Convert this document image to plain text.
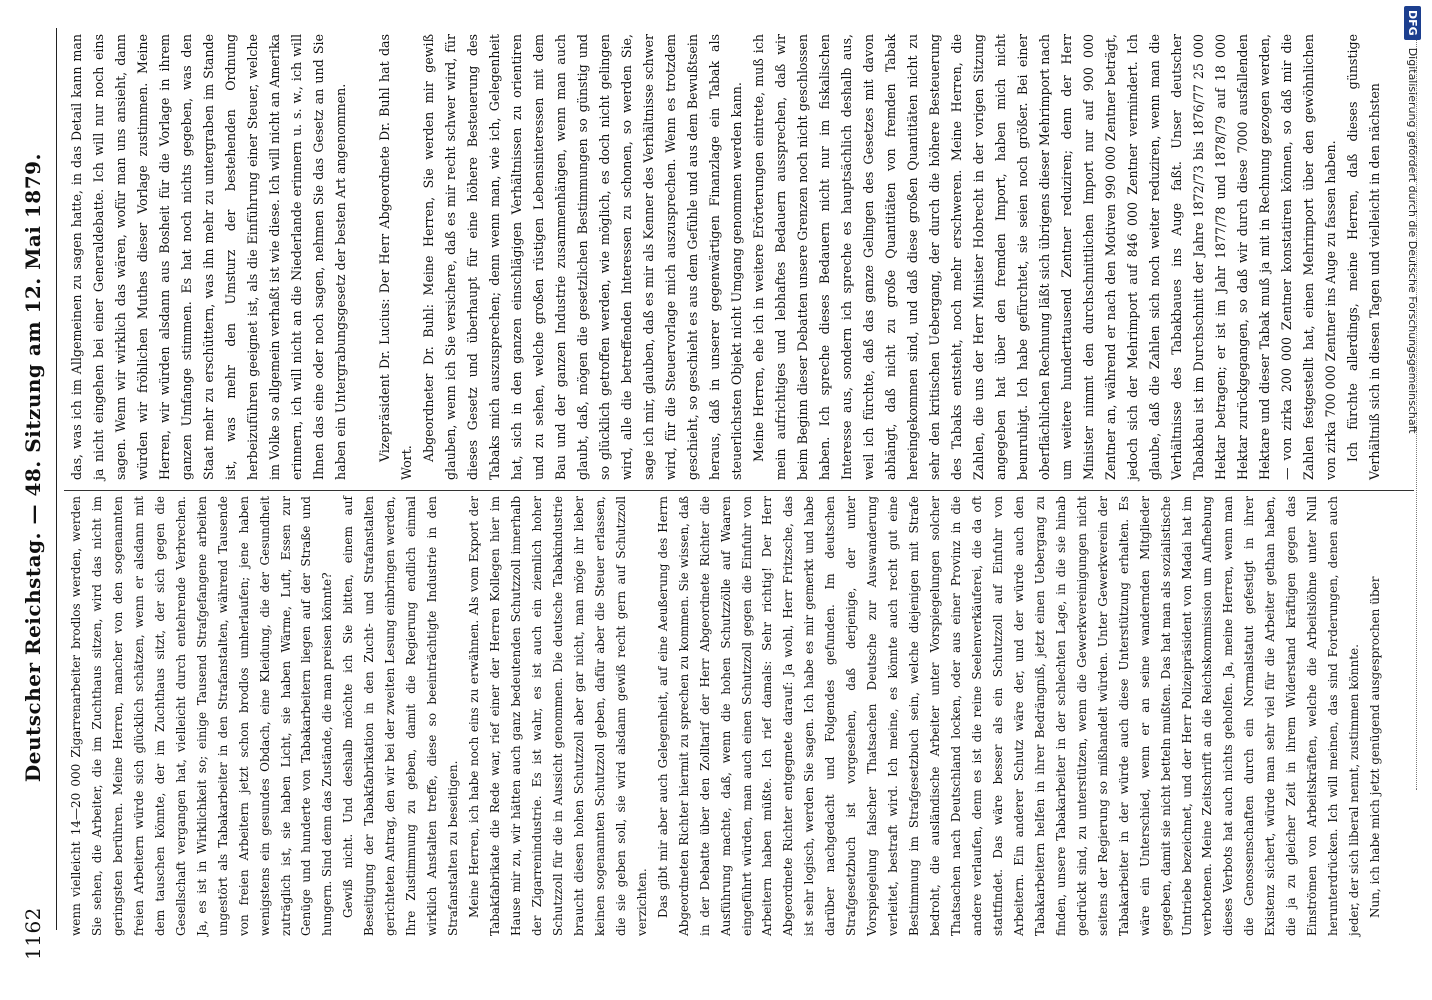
1162
Deutscher Reichstag. — 48. Sitzung am 12. Mai 1879. wenn vielleicht 14—20 000 Zigarrenarbeiter brodlos werden, werden Sie sehen, die Arbeiter, die im Zuchthaus sitzen, wird das nicht im geringsten berühren. Meine Herren, mancher von den sogenannten freien Arbeitern würde sich glücklich schätzen, wenn er alsdann mit dem tauschen könnte, der im Zuchthaus sitzt, der sich gegen die Gesellschaft vergangen hat, vielleicht durch entehrende Verbrechen. Ja, es ist in Wirklichkeit so; einige Tausend Strafgefangene arbeiten ungestört als Tabakarbeiter in den Strafanstalten, während Tausende von freien Arbeitern jetzt schon brodlos umherlaufen; jene haben wenigstens ein gesundes Obdach, eine Kleidung, die der Gesundheit zuträglich ist, sie haben Licht, sie haben Wärme, Luft, Essen zur Genüge und hunderte von Tabakarbeitern liegen auf der Straße und hungern. Sind denn das Zustände, die man preisen könnte? Gewiß nicht. Und deshalb möchte ich Sie bitten, einem auf Beseitigung der Tabakfabrikation in den Zucht- und Strafanstalten gerichteten Antrag, den wir bei der zweiten Lesung einbringen werden, Ihre Zustimmung zu geben, damit die Regierung endlich einmal wirklich Anstalten treffe, diese so beeinträchtigte Industrie in den Strafanstalten zu beseitigen. Meine Herren, ich habe noch eins zu erwähnen. Als vom Export der Tabakfabrikate die Rede war, rief einer der Herren Kollegen hier im Hause mir zu, wir hätten auch ganz bedeutenden Schutzzoll innerhalb der Zigarrenindustrie. Es ist wahr, es ist auch ein ziemlich hoher Schutzzoll für die in Aussicht genommen. Die deutsche Tabakindustrie braucht diesen hohen Schutzzoll aber gar nicht, man möge ihr lieber keinen sogenannten Schutzzoll geben, dafür aber die Steuer erlassen, die sie geben soll, sie wird alsdann gewiß recht gern auf Schutzzoll verzichten. Das gibt mir aber auch Gelegenheit, auf eine Aeußerung des Herrn Abgeordneten Richter hiermit zu sprechen zu kommen. Sie wissen, daß in der Debatte über den Zolltarif der Herr Abgeordnete Richter die Ausführung machte, daß, wenn die hohen Schutzzölle auf Waaren eingeführt würden, man auch einen Schutzzoll gegen die Einfuhr von Arbeitern haben müßte. Ich rief damals: Sehr richtig! Der Herr Abgeordnete Richter entgegnete darauf: Ja wohl, Herr Fritzsche, das ist sehr logisch, werden Sie sagen. Ich habe es mir gemerkt und habe darüber nachgedacht und Folgendes gefunden. Im deutschen Strafgesetzbuch ist vorgesehen, daß derjenige, der unter Vorspiegelung falscher Thatsachen Deutsche zur Auswanderung verleitet, bestraft wird. Ich meine, es könnte auch recht gut eine Bestimmung im Strafgesetzbuch sein, welche diejenigen mit Strafe bedroht, die ausländische Arbeiter unter Vorspiegelungen solcher Thatsachen nach Deutschland locken, oder aus einer Provinz in die andere verlaufen, denn es ist die reine Seelenverkäuferei, die da oft stattfindet. Das wäre besser als ein Schutzzoll auf Einfuhr von Arbeitern. Ein anderer Schutz wäre der, und der würde auch den Tabakarbeitern helfen in ihrer Bedrängniß, jetzt einen Uebergang zu finden, unsere Tabakarbeiter in der schlechten Lage, in die sie hinab gedrückt sind, zu unterstützen, wenn die Gewerkvereinigungen nicht seitens der Regierung so mißhandelt würden. Unter Gewerkverein der Tabakarbeiter in der würde auch diese Unterstützung erhalten. Es wäre ein Unterschied, wenn er an seine wandernden Mitglieder gegeben, damit sie nicht betteln mußten. Das hat man als sozialistische Umtriebe bezeichnet, und der Herr Polizeipräsident von Madai hat im verbotenen. Meine Zeitschrift an die Reichskommission um Aufhebung dieses Verbots hat auch nichts geholfen. Ja, meine Herren, wenn man die Genossenschaften durch ein Normalstatut gefestigt in ihrer Existenz sichert, würde man sehr viel für die Arbeiter gethan haben, die ja zu gleicher Zeit in ihrem Widerstand kräftigen gegen das Einströmen von Arbeitskräften, welche die Arbeitslöhne unter Null herunterdrücken. Ich will meinen, das sind Forderungen, denen auch jeder, der sich liberal nennt, zustimmen könnte. Nun, ich habe mich jetzt genügend ausgesprochen über

das, was ich im Allgemeinen zu sagen hatte, in das Detail kann man ja nicht eingehen bei einer Generaldebatte. Ich will nur noch eins sagen. Wenn wir wirklich das wären, wofür man uns ansieht, dann würden wir fröhlichen Muthes dieser Vorlage zustimmen. Meine Herren, wir würden alsdann aus Bosheit für die Vorlage in ihrem ganzen Umfange stimmen. Es hat noch nichts gegeben, was den Staat mehr zu erschüttern, was ihn mehr zu untergraben im Stande ist, was mehr den Umsturz der bestehenden Ordnung herbeizuführen geeignet ist, als die Einführung einer Steuer, welche im Volke so allgemein verhaßt ist wie diese. Ich will nicht an Amerika erinnern, ich will nicht an die Niederlande erinnern u. s. w., ich will Ihnen das eine oder noch sagen, nehmen Sie das Gesetz an und Sie haben ein Untergrabungsgesetz der besten Art angenommen.	Vizepräsident Dr. Lucius: Der Herr Abgeordnete Dr. Buhl hat das Wort.

Abgeordneter Dr. Buhl: Meine Herren, Sie werden mir gewiß glauben, wenn ich Sie versichere, daß es mir recht schwer wird, für dieses Gesetz und überhaupt für eine höhere Besteuerung des Tabaks mich auszusprechen; denn wenn man, wie ich, Gelegenheit hat, sich in den ganzen einschlägigen Verhältnissen zu orientiren und zu sehen, welche großen rüstigen Lebensinteressen mit dem Bau und der ganzen Industrie zusammenhängen, wenn man auch glaubt, daß, mögen die gesetzlichen Bestimmungen so günstig und so glücklich getroffen werden, wie möglich, es doch nicht gelingen wird, alle die betreffenden Interessen zu schonen, so werden Sie, sage ich mir, glauben, daß es mir als Kenner des Verhältnisse schwer wird, für die Steuervorlage mich auszusprechen. Wenn es trotzdem geschieht, so geschieht es aus dem Gefühle und aus dem Bewußtsein heraus, daß in unserer gegenwärtigen Finanzlage ein Tabak als steuerlichsten Objekt nicht Umgang genommen werden kann. Meine Herren, ehe ich in weitere Erörterungen eintrete, muß ich mein aufrichtiges und lebhaftes Bedauern aussprechen, daß wir beim Beginn dieser Debatten unsere Grenzen noch nicht geschlossen haben. Ich spreche dieses Bedauern nicht nur im fiskalischen Interesse aus, sondern ich spreche es hauptsächlich deshalb aus, weil ich fürchte, daß das ganze Gelingen des Gesetzes mit davon abhängt, daß nicht zu große Quantitäten von fremden Tabak hereingekommen sind, und daß diese großen Quantitäten nicht zu sehr den kritischen Uebergang, der durch die höhere Besteuerung des Tabaks entsteht, noch mehr erschweren. Meine Herren, die Zahlen, die uns der Herr Minister Hobrecht in der vorigen Sitzung angegeben hat über den fremden Import, haben mich nicht beunruhigt. Ich habe gefürchtet, sie seien noch größer. Bei einer oberflächlichen Rechnung läßt sich übrigens dieser Mehrimport nach um weitere hunderttausend Zentner reduziren; denn der Herr Minister nimmt den durchschnittlichen Import nur auf 900 000 Zentner an, während er nach den Motiven 990 000 Zentner beträgt, jedoch sich der Mehrimport auf 846 000 Zentner vermindert. Ich glaube, daß die Zahlen sich noch weiter reduziren, wenn man die Verhältnisse des Tabakbaues ins Auge faßt. Unser deutscher Tabakbau ist im Durchschnitt der Jahre 1872/73 bis 1876/77 25 000 Hektar betragen; er ist im Jahr 1877/78 und 1878/79 auf 18 000 Hektar zurückgegangen, so daß wir durch diese 7000 ausfallenden Hektare und dieser Tabak muß ja mit in Rechnung gezogen werden, — von zirka 200 000 Zentner konstatiren können, so daß mir die Zahlen festgestellt hat, einen Mehrimport über den gewöhnlichen von zirka 700 000 Zentner ins Auge zu fassen haben. Ich fürchte allerdings, meine Herren, daß dieses günstige Verhältniß sich in diesen Tagen und vielleicht in den nächsten

DFG
Digitalisierung gefördert durch die Deutsche Forschungsgemeinschaft
